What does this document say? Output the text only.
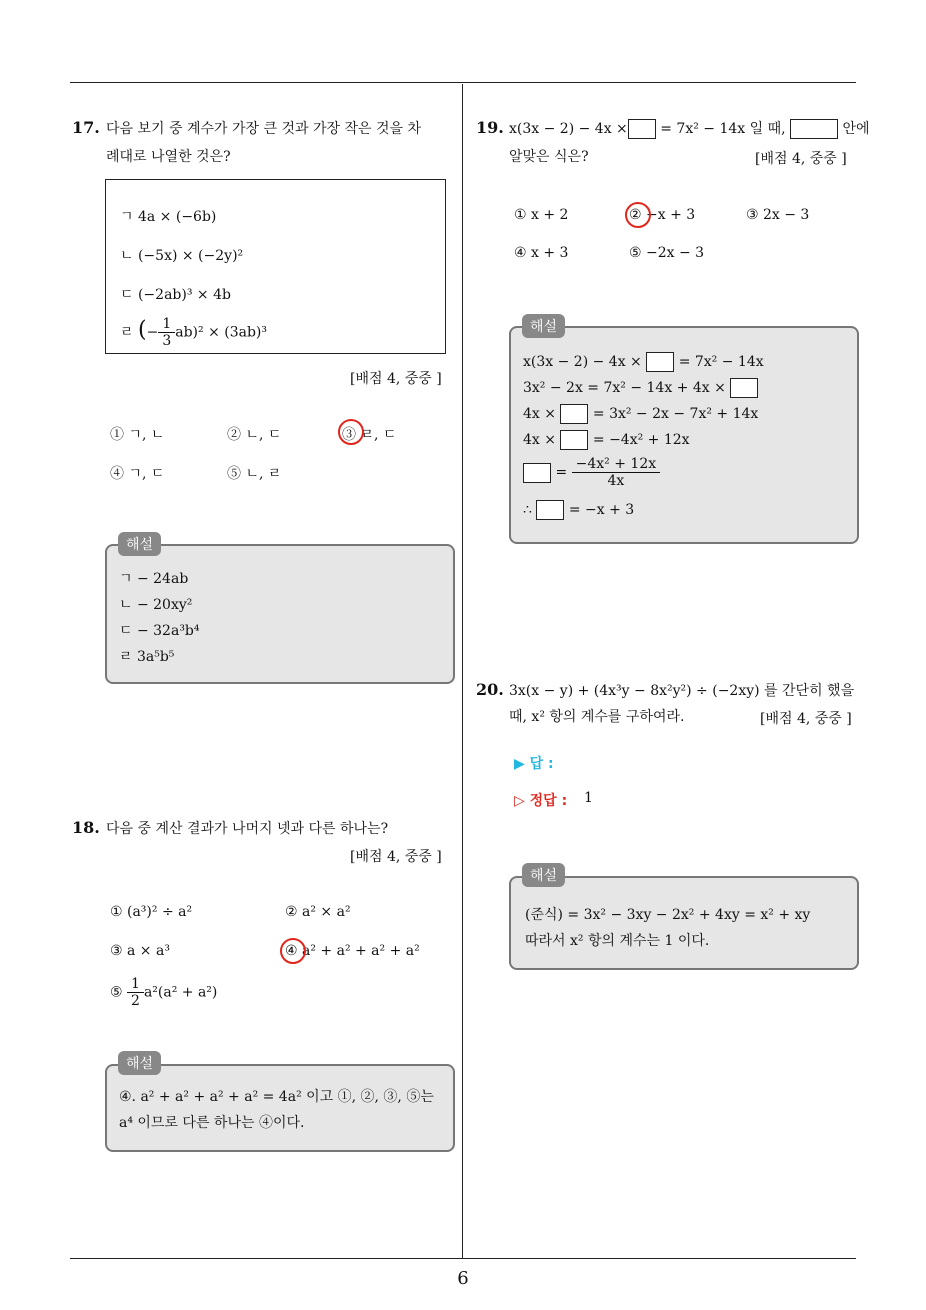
17. 다음 보기 중 계수가 가장 큰 것과 가장 작은 것을 차
례대로 나열한 것은?
ㄱ 4a × (−6b)
ㄴ (−5x) × (−2y)²
ㄷ (−2ab)³ × 4b
ㄹ (− $\frac{1}{3} ab)^2 \times (3ab)^3$
[배점 4, 중중 ]
① ㄱ, ㄴ	② ㄴ, ㄷ	③ ㄹ, ㄷ
④ ㄱ, ㄷ	⑤ ㄴ, ㄹ
ㄱ − 24ab
ㄴ − 20xy²
ㄷ − 32a³b⁴
ㄹ 3a⁵b⁵
해설
18. 다음 중 계산 결과가 나머지 넷과 다른 하나는?
[배점 4, 중중 ]
① (a³)² ÷ a²	② a² × a²
③ a × a³	④ a² + a² + a² + a²
⑤ $\frac{1}{2} a^2(a^2 + a^2)$
④. a² + a² + a² + a² = 4a² 이고 ①, ②, ③, ⑤는
a⁴ 이므로 다른 하나는 ④이다.
해설
19. x(3x − 2) − 4x × = 7x² − 14x 일 때,	안에
알맞은 식은?	[배점 4, 중중 ]
① x + 2	② −x + 3	③ 2x − 3
④ x + 3	⑤ −2x − 3
x(3x − 2) − 4x ×	= 7x² − 14x
3x² − 2x = 7x² − 14x + 4x ×
4x ×	= 3x² − 2x − 7x² + 14x
4x ×	= −4x² + 12x
= $\frac{\text{−4x² + 12x}}{4x}$
∴	= −x + 3
해설
20. 3x(x − y) + (4x³y − 8x²y²) ÷ (−2xy) 를 간단히 했을
때, x² 항의 계수를 구하여라.	[배점 4, 중중 ]
▶ 답 :
▷ 정답 : 1
(준식) = 3x² − 3xy − 2x² + 4xy = x² + xy
따라서 x² 항의 계수는 1 이다.
해설
6
